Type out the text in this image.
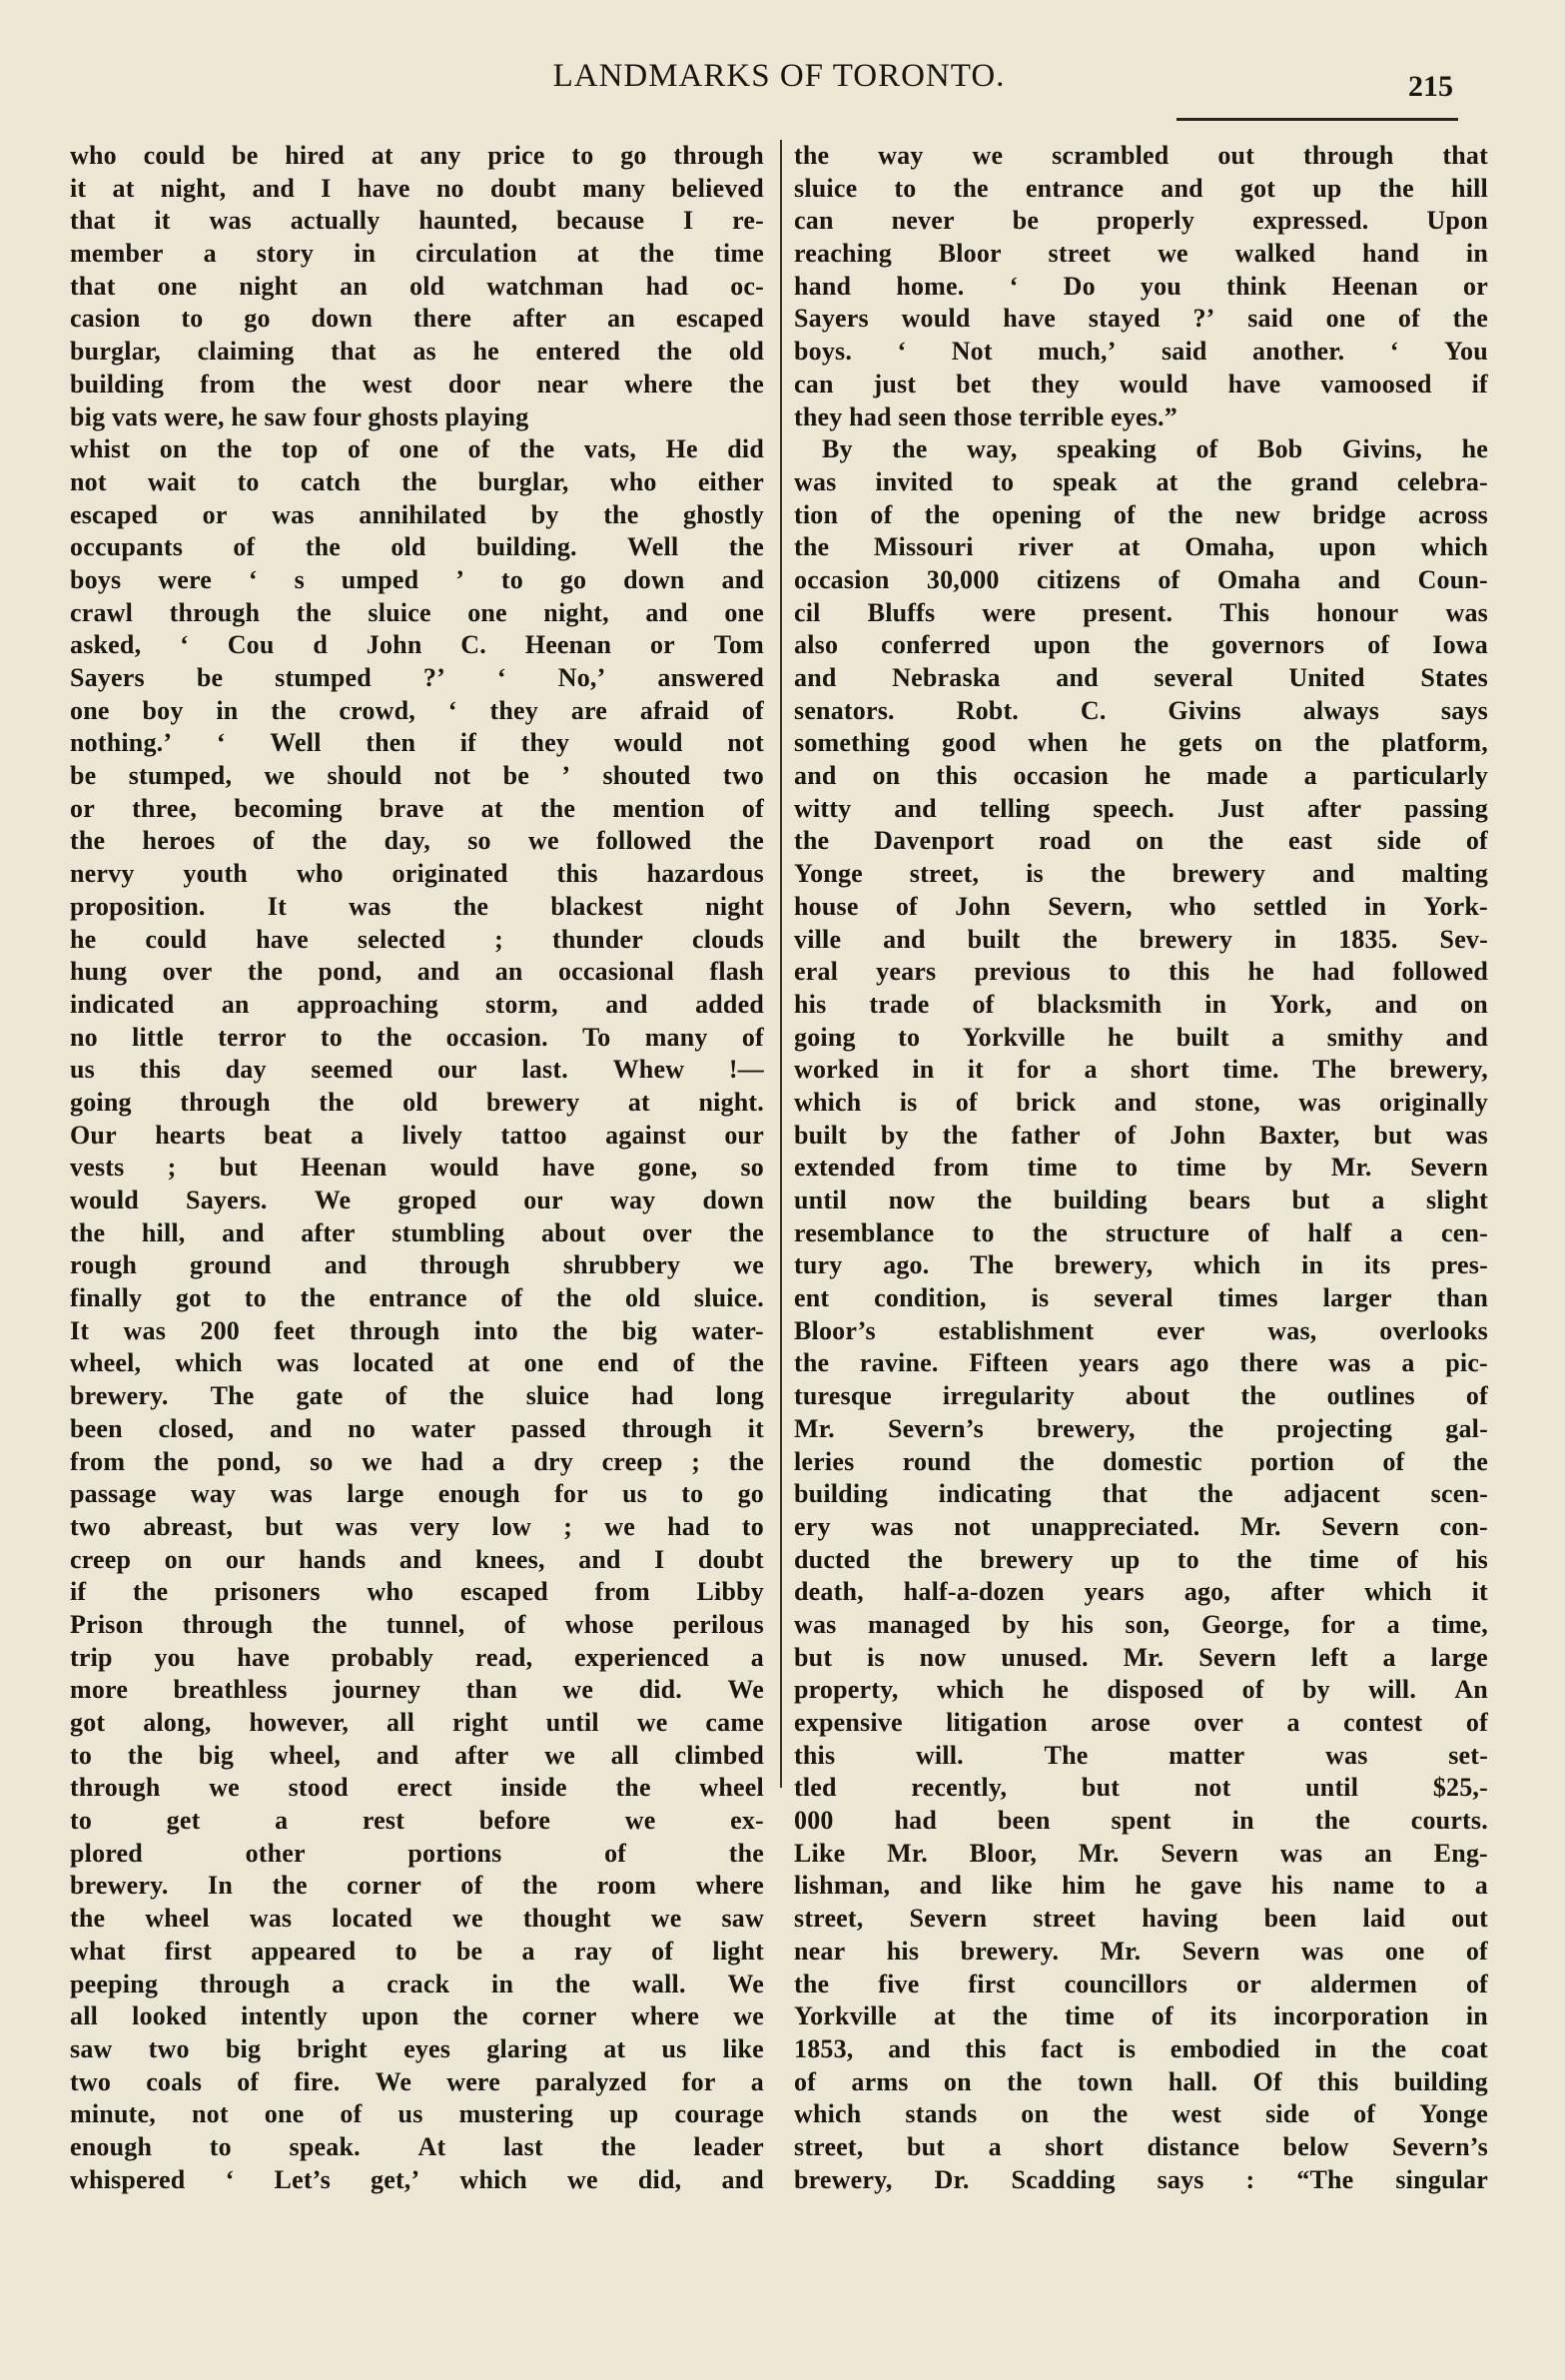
LANDMARKS OF TORONTO.	215
who could be hired at any price to go through
it at night, and I have no doubt many believed
that it was actually haunted, because I re-
member a story in circulation at the time
that one night an old watchman had oc-
casion to go down there after an escaped
burglar, claiming that as he entered the old
building from the west door near where the
big vats were, he saw four ghosts playing
whist on the top of one of the vats, He did
not wait to catch the burglar, who either
escaped or was annihilated by the ghostly
occupants of the old building. Well the
boys were ‘ s umped ’ to go down and
crawl through the sluice one night, and one
asked, ‘ Cou d John C. Heenan or Tom
Sayers be stumped ?’ ‘ No,’ answered
one boy in the crowd, ‘ they are afraid of
nothing.’ ‘ Well then if they would not
be stumped, we should not be ’ shouted two
or three, becoming brave at the mention of
the heroes of the day, so we followed the
nervy youth who originated this hazardous
proposition. It was the blackest night
he could have selected ; thunder clouds
hung over the pond, and an occasional flash
indicated an approaching storm, and added
no little terror to the occasion. To many of
us this day seemed our last. Whew !—
going through the old brewery at night.
Our hearts beat a lively tattoo against our
vests ; but Heenan would have gone, so
would Sayers. We groped our way down
the hill, and after stumbling about over the
rough ground and through shrubbery we
finally got to the entrance of the old sluice.
It was 200 feet through into the big water-
wheel, which was located at one end of the
brewery. The gate of the sluice had long
been closed, and no water passed through it
from the pond, so we had a dry creep ; the
passage way was large enough for us to go
two abreast, but was very low ; we had to
creep on our hands and knees, and I doubt
if the prisoners who escaped from Libby
Prison through the tunnel, of whose perilous
trip you have probably read, experienced a
more breathless journey than we did. We
got along, however, all right until we came
to the big wheel, and after we all climbed
through we stood erect inside the wheel
to	get	a	rest	before	we	ex-
plored	other	portions	of	the
brewery. In the corner of the room where
the wheel was located we thought we saw
what first appeared to be a ray of light
peeping through a crack in the wall. We
all looked intently upon the corner where we
saw two big bright eyes glaring at us like
two coals of fire. We were paralyzed for a
minute, not one of us mustering up courage
enough to speak. At last the leader
whispered ‘ Let’s get,’ which we did, and
the way we scrambled out through that
sluice to the entrance and got up the hill
can never be properly expressed. Upon
reaching Bloor street we walked hand in
hand home. ‘ Do you think Heenan or
Sayers would have stayed ?’ said one of the
boys. ‘ Not much,’ said another. ‘ You
can just bet they would have vamoosed if
they had seen those terrible eyes.”
By the way, speaking of Bob Givins, he
was invited to speak at the grand celebra-
tion of the opening of the new bridge across
the Missouri river at Omaha, upon which
occasion 30,000 citizens of Omaha and Coun-
cil Bluffs were present. This honour was
also conferred upon the governors of Iowa
and Nebraska and several United States
senators. Robt. C. Givins always says
something good when he gets on the platform,
and on this occasion he made a particularly
witty and telling speech. Just after passing
the Davenport road on the east side of
Yonge street, is the brewery and malting
house of John Severn, who settled in York-
ville and built the brewery in 1835. Sev-
eral years previous to this he had followed
his trade of blacksmith in York, and on
going to Yorkville he built a smithy and
worked in it for a short time. The brewery,
which is of brick and stone, was originally
built by the father of John Baxter, but was
extended from time to time by Mr. Severn
until now the building bears but a slight
resemblance to the structure of half a cen-
tury ago. The brewery, which in its pres-
ent condition, is several times larger than
Bloor’s establishment ever was, overlooks
the ravine. Fifteen years ago there was a pic-
turesque irregularity about the outlines of
Mr. Severn’s brewery, the projecting gal-
leries round the domestic portion of the
building indicating that the adjacent scen-
ery was not unappreciated. Mr. Severn con-
ducted the brewery up to the time of his
death, half-a-dozen years ago, after which it
was managed by his son, George, for a time,
but is now unused. Mr. Severn left a large
property, which he disposed of by will. An
expensive litigation arose over a contest of
this	will.	The	matter	was	set-
tled	recently,	but	not	until	$25,-
000 had been spent in the courts.
Like Mr. Bloor, Mr. Severn was an Eng-
lishman, and like him he gave his name to a
street, Severn street having been laid out
near his brewery. Mr. Severn was one of
the five first councillors or aldermen of
Yorkville at the time of its incorporation in
1853, and this fact is embodied in the coat
of arms on the town hall. Of this building
which stands on the west side of Yonge
street, but a short distance below Severn’s
brewery, Dr. Scadding says : “The singular
